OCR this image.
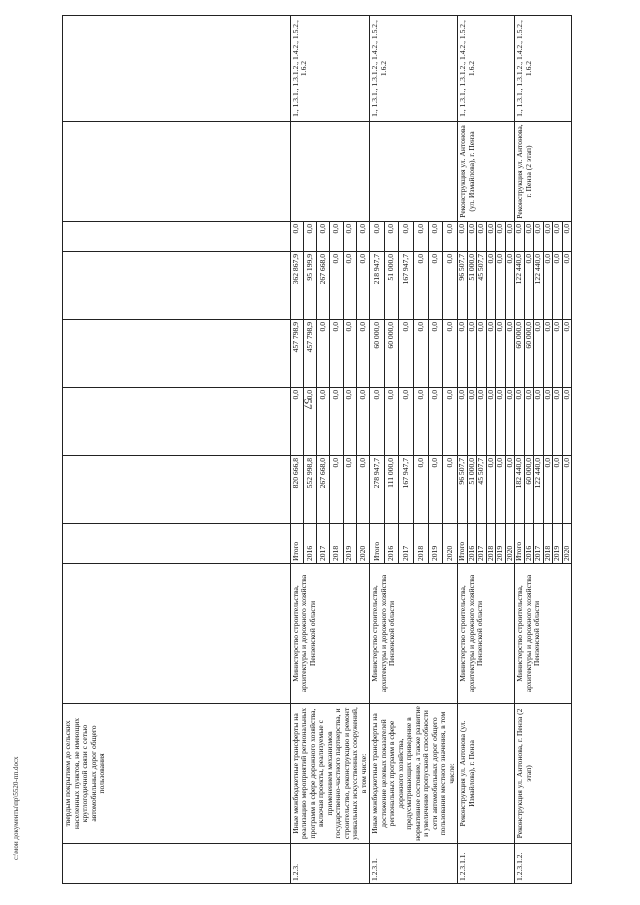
57
c:\мои документы\пр\5520-пп.docx
		твердым покрытием до сельских населенных пунктов, не имеющих круглогодичной связи с сетью автомобильных дорог общего пользования									
1.2.3.	Иные межбюджетные трансферты на реализацию мероприятий региональных программ в сфере дорожного хозяйства, включая проекты, реализуемые с применением механизмов государственно-частного партнерства, и строительство, реконструкцию и ремонт уникальных искусственных сооружений, в том числе:	Министерство строительства, архитектуры и дорожного хозяйства Пензенской области	Итого	820 666,8	0,0	457 798,9	362 867,9	0,0		1., 1.3.1., 1.3.1.2., 1.4.2., 1.5.2., 1.6.2
			2016	552 998,8	0,0	457 798,9	95 199,9	0,0		
			2017	267 668,0	0,0	0,0	267 668,0	0,0		
			2018	0,0	0,0	0,0	0,0	0,0		
			2019	0,0	0,0	0,0	0,0	0,0		
			2020	0,0	0,0	0,0	0,0	0,0		
1.2.3.1.	Иные межбюджетные трансферты на достижение целевых показателей региональных программ в сфере дорожного хозяйства, предусматривающих приведение в нормативное состояние, а также развитие и увеличение пропускной способности сети автомобильных дорог общего пользования местного значения, в том числе:	Министерство строительства, архитектуры и дорожного хозяйства Пензенской области	Итого	278 947,7	0,0	60 000,0	218 947,7	0,0		1., 1.3.1., 1.3.1.2., 1.4.2., 1.5.2., 1.6.2
			2016	111 000,0	0,0	60 000,0	51 000,0	0,0		
			2017	167 947,7	0,0	0,0	167 947,7	0,0		
			2018	0,0	0,0	0,0	0,0	0,0		
			2019	0,0	0,0	0,0	0,0	0,0		
			2020	0,0	0,0	0,0	0,0	0,0		
1.2.3.1.1.	Реконструкция ул. Антонова (ул. Измайлова), г. Пенза	Министерство строительства, архитектуры и дорожного хозяйства Пензенской области	Итого	96 507,7	0,0	0,0	96 507,7	0,0	Реконструкция ул. Антонова (ул. Измайлова), г. Пенза	1., 1.3.1., 1.3.1.2., 1.4.2., 1.5.2., 1.6.2
			2016	51 000,0	0,0	0,0	51 000,0	0,0		
			2017	45 507,7	0,0	0,0	45 507,7	0,0		
			2018	0,0	0,0	0,0	0,0	0,0		
			2019	0,0	0,0	0,0	0,0	0,0		
			2020	0,0	0,0	0,0	0,0	0,0		
1.2.3.1.2.	Реконструкция ул. Антонова, г. Пенза (2 этап)	Министерство строительства, архитектуры и дорожного хозяйства Пензенской области	Итого	182 440,0	0,0	60 000,0	122 440,0	0,0	Реконструкция ул. Антонова, г. Пенза (2 этап)	1., 1.3.1., 1.3.1.2., 1.4.2., 1.5.2., 1.6.2
			2016	60 000,0	0,0	60 000,0	0,0	0,0		
			2017	122 440,0	0,0	0,0	122 440,0	0,0		
			2018	0,0	0,0	0,0	0,0	0,0		
			2019	0,0	0,0	0,0	0,0	0,0		
			2020	0,0	0,0	0,0	0,0	0,0		
